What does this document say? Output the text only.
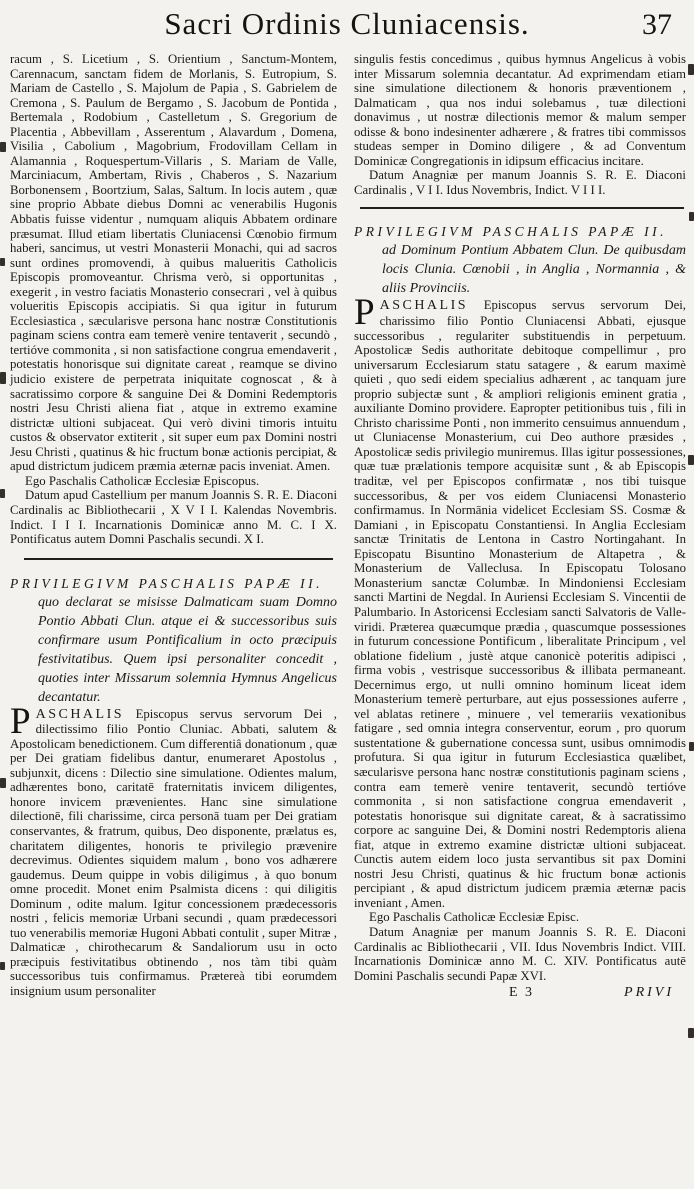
Sacri Ordinis Cluniacensis.	37

racum , S. Licetium , S. Orientium , Sanctum-Montem, Carennacum, sanctam fidem de Morlanis, S. Eutropium, S. Mariam de Castello , S. Majolum de Papia , S. Gabrielem de Cremona , S. Paulum de Bergamo , S. Jacobum de Pontida , Bertemala , Rodobium , Castelletum , S. Gregorium de Placentia , Abbevillam , Asserentum , Alavardum , Domena, Visilia , Cabolium , Magobrium, Frodovillam Cellam in Alamannia , Roquespertum-Villaris , S. Mariam de Valle, Marciniacum, Ambertam, Rivis , Chaberos , S. Nazarium Borbonensem , Boortzium, Salas, Saltum. In locis autem , quæ sine proprio Abbate diebus Domni ac venerabilis Hugonis Abbatis fuisse videntur , numquam aliquis Abbatem ordinare præsumat. Illud etiam libertatis Cluniacensi Cœnobio firmum haberi, sancimus, ut vestri Monasterii Monachi, qui ad sacros sunt ordines promovendi, à quibus malueritis Catholicis Episcopis promoveantur. Chrisma verò, si opportunitas , exegerit , in vestro faciatis Monasterio consecrari , vel à quibus volueritis Episcopis accipiatis. Si qua igitur in futurum Ecclesiastica , sæcularisve persona hanc nostræ Constitutionis paginam sciens contra eam temerè venire tentaverit , secundò , tertióve commonita , si non satisfactione congrua emendaverit , potestatis honorisque sui dignitate careat , reamque se divino judicio existere de perpetrata iniquitate cognoscat , & à sacratissimo corpore & sanguine Dei & Domini Redemptoris nostri Jesu Christi aliena fiat , atque in extremo examine districtæ ultioni subjaceat. Qui verò divini timoris intuitu custos & observator extiterit , sit super eum pax Domini nostri Jesu Christi , quatinus & hic fructum bonæ actionis percipiat, & apud districtum judicem præmia æternæ pacis inveniat. Amen.

Ego Paschalis Catholicæ Ecclesiæ Episcopus.

Datum apud Castellium per manum Joannis S. R. E. Diaconi Cardinalis ac Bibliothecarii , X V I I. Kalendas Novembris. Indict. I I I. Incarnationis Dominicæ anno M. C. I X. Pontificatus autem Domni Paschalis secundi. X I.

PRIVILEGIVM PASCHALIS PAPÆ II.
quo declarat se misisse Dalmaticam suam Domno Pontio Abbati Clun. atque ei & successoribus suis confirmare usum Pontificalium in octo præcipuis festivitatibus. Quem ipsi personaliter concedit , quoties inter Missarum solemnia Hymnus Angelicus decantatur.

PASCHALIS Episcopus servus servorum Dei , dilectissimo filio Pontio Cluniac. Abbati, salutem & Apostolicam benedictionem. Cum differentiâ donationum , quæ per Dei gratiam fidelibus dantur, enumeraret Apostolus , subjunxit, dicens : Dilectio sine simulatione. Odientes malum, adhærentes bono, caritatē fraternitatis invicem diligentes, honore invicem prævenientes. Hanc sine simulatione dilectionē, fili charissime, circa personā tuam per Dei gratiam conservantes, & fratrum, quibus, Deo disponente, prælatus es, charitatem diligentes, honoris te privilegio prævenire decrevimus. Odientes siquidem malum , bono vos adhærere gaudemus. Deum quippe in vobis diligimus , à quo bonum omne procedit. Monet enim Psalmista dicens : qui diligitis Dominum , odite malum. Igitur concessionem prædecessoris nostri , felicis memoriæ Urbani secundi , quam prædecessori tuo venerabilis memoriæ Hugoni Abbati contulit , super Mitræ , Dalmaticæ , chirothecarum & Sandaliorum usu in octo præcipuis festivitatibus obtinendo , nos tàm tibi quàm successoribus tuis confirmamus. Prætereà tibi eorumdem insignium usum personaliter

singulis festis concedimus , quibus hymnus Angelicus à vobis inter Missarum solemnia decantatur. Ad exprimendam etiam sine simulatione dilectionem & honoris præventionem , Dalmaticam , qua nos indui solebamus , tuæ dilectioni donavimus , ut nostræ dilectionis memor & malum semper odisse & bono indesinenter adhærere , & fratres tibi commissos studeas semper in Domino diligere , & ad Conventum Dominicæ Congregationis in idipsum efficacius incitare.

Datum Anagniæ per manum Joannis S. R. E. Diaconi Cardinalis , V I I. Idus Novembris, Indict. V I I I.

PRIVILEGIVM PASCHALIS PAPÆ II.
ad Dominum Pontium Abbatem Clun. De quibusdam locis Clunia. Cœnobii , in Anglia , Normannia , & aliis Provinciis.

PASCHALIS Episcopus servus servorum Dei, charissimo filio Pontio Cluniacensi Abbati, ejusque successoribus , regulariter substituendis in perpetuum. Apostolicæ Sedis authoritate debitoque compellimur , pro universarum Ecclesiarum statu satagere , & earum maximè quieti , quo sedi eidem specialius adhærent , ac tanquam jure proprio subjectæ sunt , & ampliori religionis eminent gratia , auxiliante Domino providere. Eapropter petitionibus tuis , fili in Christo charissime Ponti , non immerito censuimus annuendum , ut Cluniacense Monasterium, cui Deo authore præsides , Apostolicæ sedis privilegio muniremus. Illas igitur possessiones, quæ tuæ prælationis tempore acquisitæ sunt , & ab Episcopis traditæ, vel per Episcopos confirmatæ , nos tibi tuisque successoribus, & per vos eidem Cluniacensi Monasterio confirmamus. In Normānia videlicet Ecclesiam SS. Cosmæ & Damiani , in Episcopatu Constantiensi. In Anglia Ecclesiam sanctæ Trinitatis de Lentona in Castro Nortingahant. In Episcopatu Bisuntino Monasterium de Altapetra , & Monasterium de Valleclusa. In Episcopatu Tolosano Monasterium sanctæ Columbæ. In Mindoniensi Ecclesiam sancti Martini de Negdal. In Auriensi Ecclesiam S. Vincentii de Palumbario. In Astoricensi Ecclesiam sancti Salvatoris de Valle-viridi. Præterea quæcumque prædia , quascumque possessiones in futurum concessione Pontificum , liberalitate Principum , vel oblatione fidelium , justè atque canonicè poteritis adipisci , firma vobis , vestrisque successoribus & illibata permaneant. Decernimus ergo, ut nulli omnino hominum liceat idem Monasterium temerè perturbare, aut ejus possessiones auferre , vel ablatas retinere , minuere , vel temerariis vexationibus fatigare , sed omnia integra conserventur, eorum , pro quorum sustentatione & gubernatione concessa sunt, usibus omnimodis profutura. Si qua igitur in futurum Ecclesiastica quælibet, sæcularisve persona hanc nostræ constitutionis paginam sciens , contra eam temerè venire tentaverit, secundò tertióve commonita , si non satisfactione congrua emendaverit , potestatis honorisque sui dignitate careat, & à sacratissimo corpore ac sanguine Dei, & Domini nostri Redemptoris aliena fiat, atque in extremo examine districtæ ultioni subjaceat. Cunctis autem eidem loco justa servantibus sit pax Domini nostri Jesu Christi, quatinus & hic fructum bonæ actionis percipiant , & apud districtum judicem præmia æternæ pacis inveniant , Amen.

Ego Paschalis Catholicæ Ecclesiæ Episc.

Datum Anagniæ per manum Joannis S. R. E. Diaconi Cardinalis ac Bibliothecarii , VII. Idus Novembris Indict. VIII. Incarnationis Dominicæ anno M. C. XIV. Pontificatus autē Domini Paschalis secundi Papæ XVI.

E 3	PRIVI
